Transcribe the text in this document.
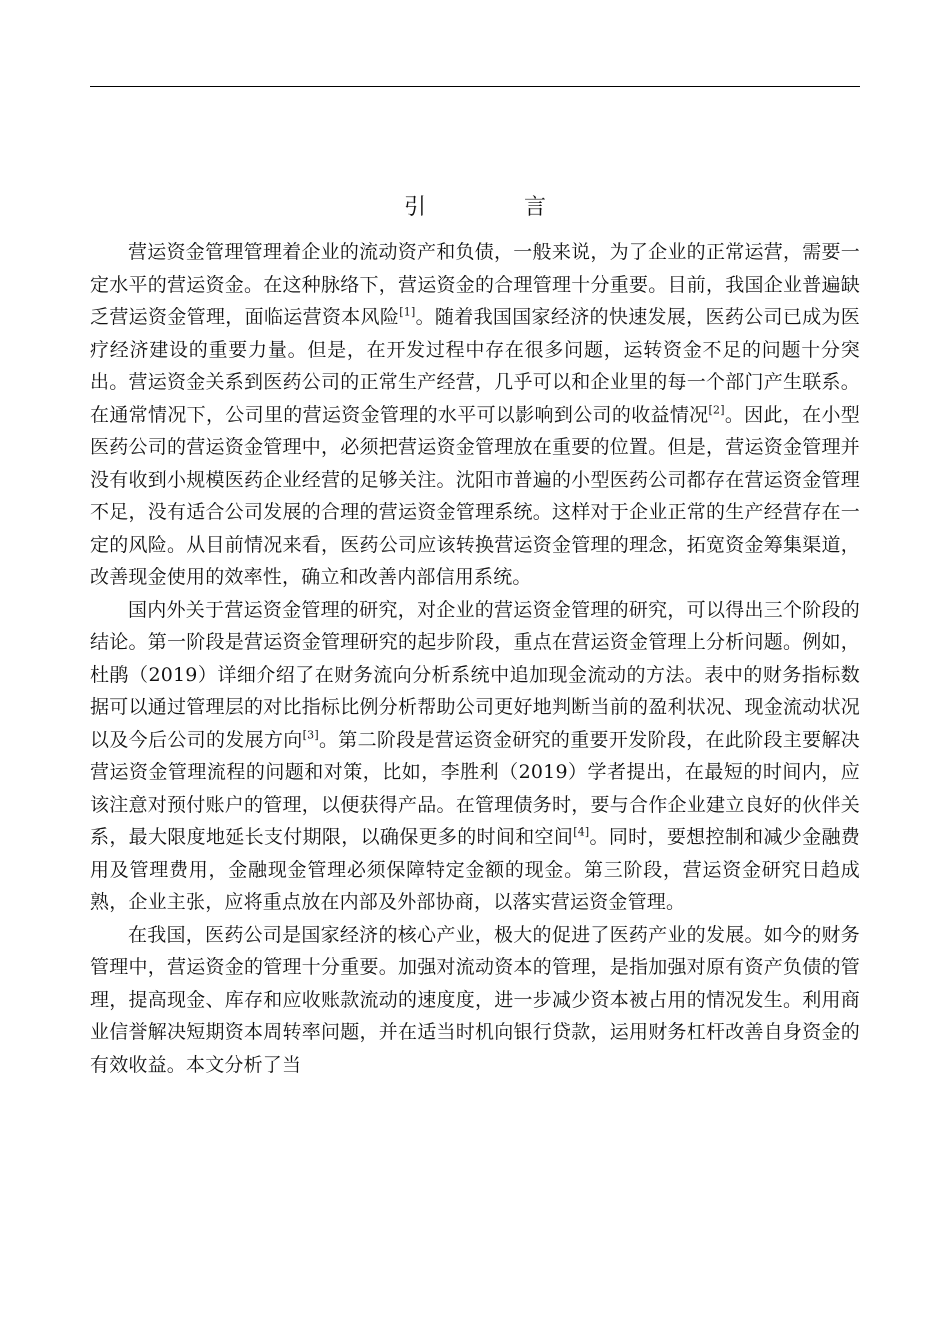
引　言

营运资金管理管理着企业的流动资产和负债，一般来说，为了企业的正常运营，需要一定水平的营运资金。在这种脉络下，营运资金的合理管理十分重要。目前，我国企业普遍缺乏营运资金管理，面临运营资本风险[1]。随着我国国家经济的快速发展，医药公司已成为医疗经济建设的重要力量。但是，在开发过程中存在很多问题，运转资金不足的问题十分突出。营运资金关系到医药公司的正常生产经营，几乎可以和企业里的每一个部门产生联系。在通常情况下，公司里的营运资金管理的水平可以影响到公司的收益情况[2]。因此，在小型医药公司的营运资金管理中，必须把营运资金管理放在重要的位置。但是，营运资金管理并没有收到小规模医药企业经营的足够关注。沈阳市普遍的小型医药公司都存在营运资金管理不足，没有适合公司发展的合理的营运资金管理系统。这样对于企业正常的生产经营存在一定的风险。从目前情况来看，医药公司应该转换营运资金管理的理念，拓宽资金筹集渠道，改善现金使用的效率性，确立和改善内部信用系统。

国内外关于营运资金管理的研究，对企业的营运资金管理的研究，可以得出三个阶段的结论。第一阶段是营运资金管理研究的起步阶段，重点在营运资金管理上分析问题。例如，杜鹃（2019）详细介绍了在财务流向分析系统中追加现金流动的方法。表中的财务指标数据可以通过管理层的对比指标比例分析帮助公司更好地判断当前的盈利状况、现金流动状况以及今后公司的发展方向[3]。第二阶段是营运资金研究的重要开发阶段，在此阶段主要解决营运资金管理流程的问题和对策，比如，李胜利（2019）学者提出，在最短的时间内，应该注意对预付账户的管理，以便获得产品。在管理债务时，要与合作企业建立良好的伙伴关系，最大限度地延长支付期限，以确保更多的时间和空间[4]。同时，要想控制和减少金融费用及管理费用，金融现金管理必须保障特定金额的现金。第三阶段，营运资金研究日趋成熟，企业主张，应将重点放在内部及外部协商，以落实营运资金管理。

在我国，医药公司是国家经济的核心产业，极大的促进了医药产业的发展。如今的财务管理中，营运资金的管理十分重要。加强对流动资本的管理，是指加强对原有资产负债的管理，提高现金、库存和应收账款流动的速度度，进一步减少资本被占用的情况发生。利用商业信誉解决短期资本周转率问题，并在适当时机向银行贷款，运用财务杠杆改善自身资金的有效收益。本文分析了当
